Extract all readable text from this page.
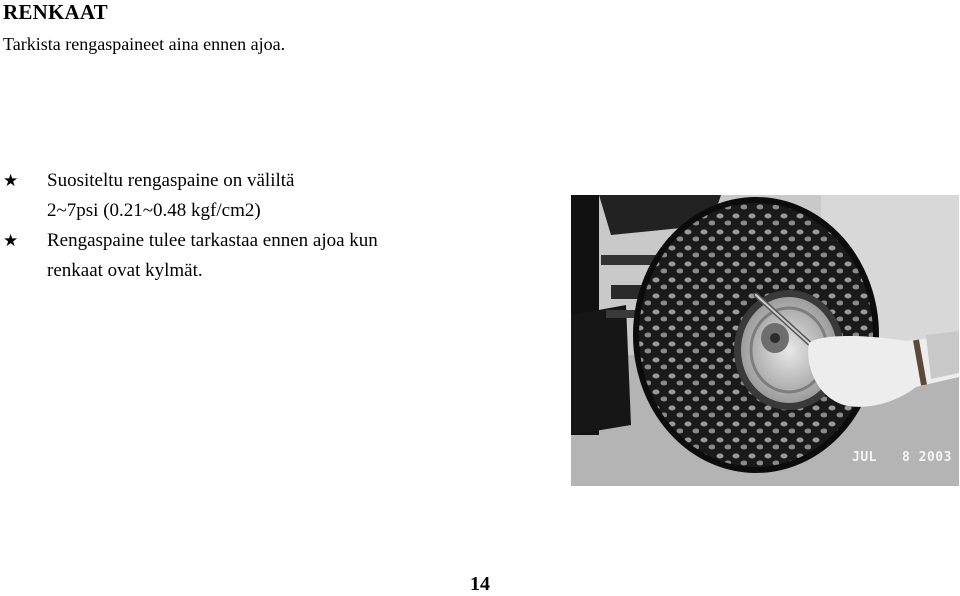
RENKAAT
Tarkista rengaspaineet aina ennen ajoa.
★ Suositeltu rengaspaine on väliltä
2~7psi (0.21~0.48 kgf/cm2)
★ Rengaspaine tulee tarkastaa ennen ajoa kun
renkaat ovat kylmät.
JUL   8 2003
14
